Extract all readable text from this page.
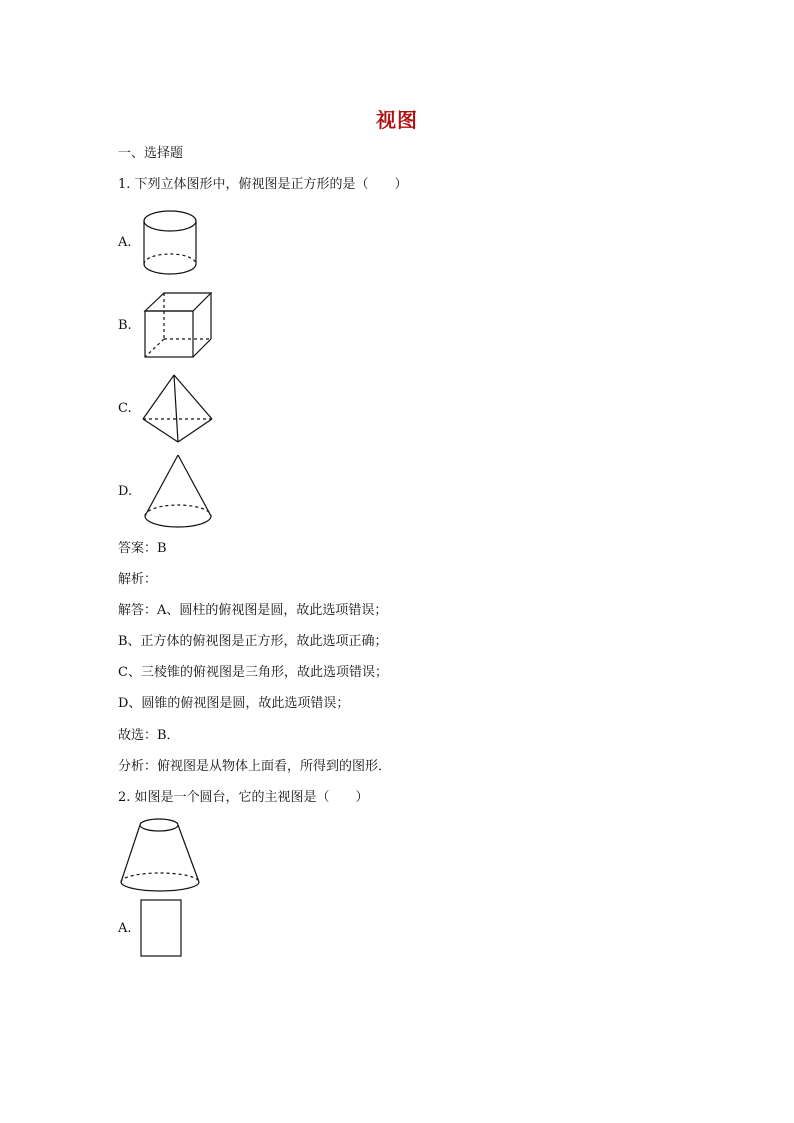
视图
一、选择题
1. 下列立体图形中，俯视图是正方形的是（　　）
A.
B.
C.
D.
答案：B
解析：
解答：A、圆柱的俯视图是圆，故此选项错误；
B、正方体的俯视图是正方形，故此选项正确；
C、三棱锥的俯视图是三角形，故此选项错误；
D、圆锥的俯视图是圆，故此选项错误；
故选：B．
分析：俯视图是从物体上面看，所得到的图形．
2. 如图是一个圆台，它的主视图是（　　）
A.
